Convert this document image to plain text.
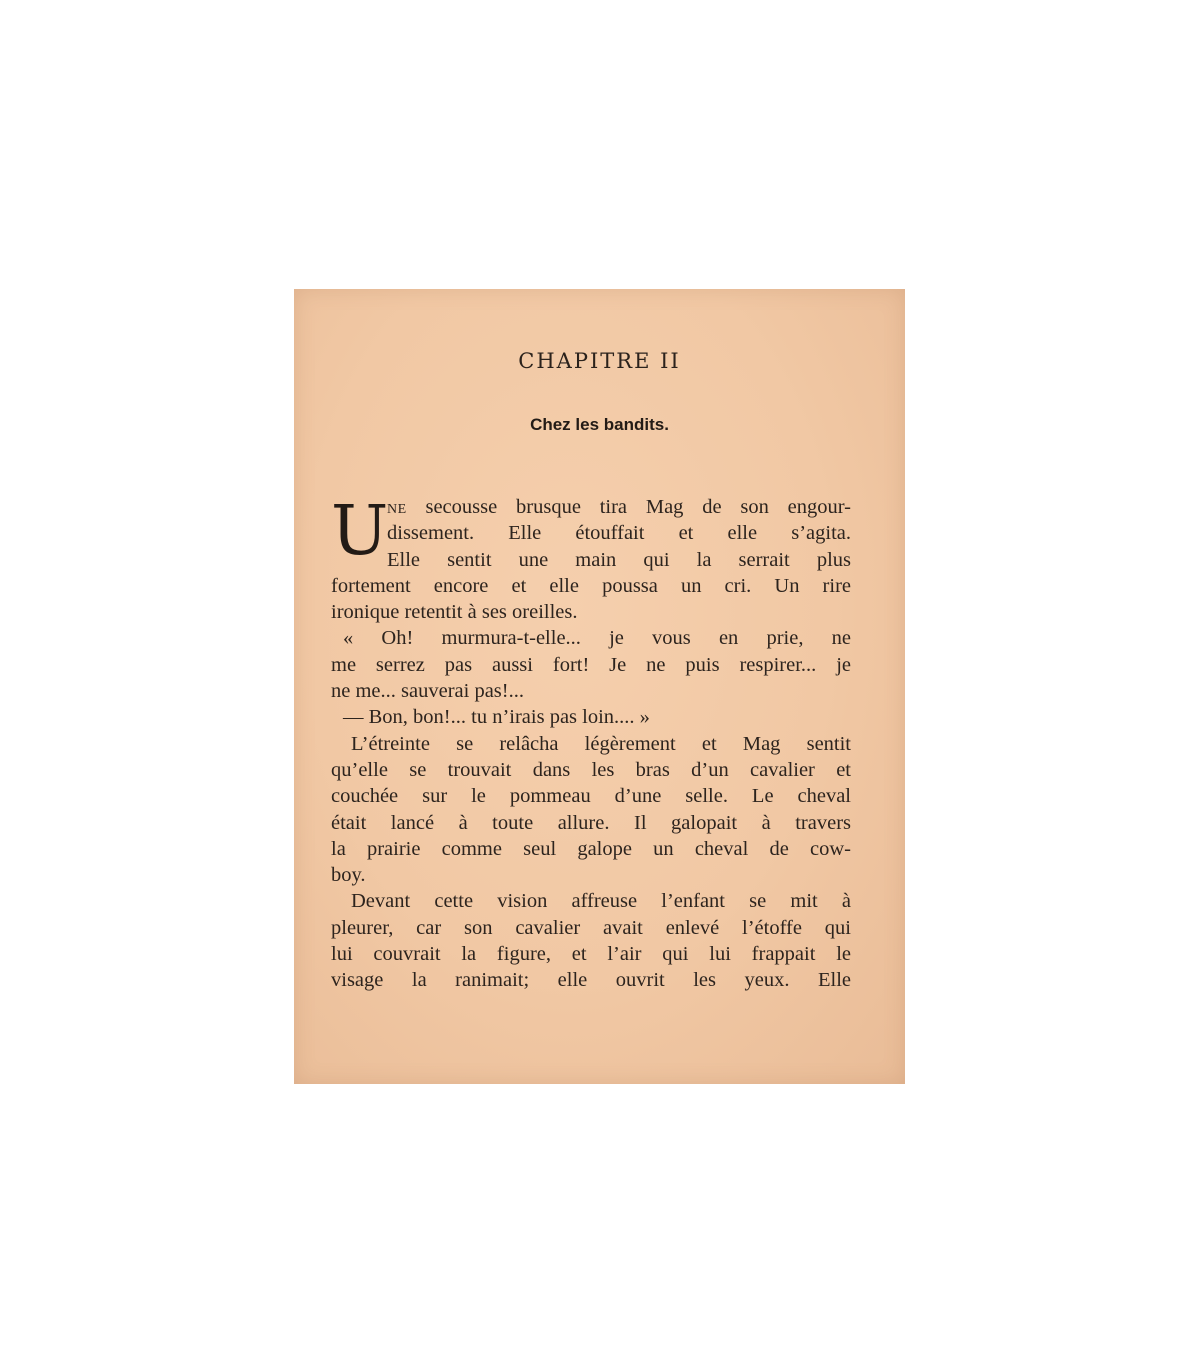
CHAPITRE II
Chez les bandits.
U
NE secousse brusque tira Mag de son engour-
dissement. Elle étouffait et elle s’agita.
Elle sentit une main qui la serrait plus
fortement encore et elle poussa un cri. Un rire
ironique retentit à ses oreilles.
« Oh! murmura-t-elle... je vous en prie, ne
me serrez pas aussi fort! Je ne puis respirer... je
ne me... sauverai pas!...
— Bon, bon!... tu n’irais pas loin.... »
L’étreinte se relâcha légèrement et Mag sentit
qu’elle se trouvait dans les bras d’un cavalier et
couchée sur le pommeau d’une selle. Le cheval
était lancé à toute allure. Il galopait à travers
la prairie comme seul galope un cheval de cow-
boy.
Devant cette vision affreuse l’enfant se mit à
pleurer, car son cavalier avait enlevé l’étoffe qui
lui couvrait la figure, et l’air qui lui frappait le
visage la ranimait; elle ouvrit les yeux. Elle
